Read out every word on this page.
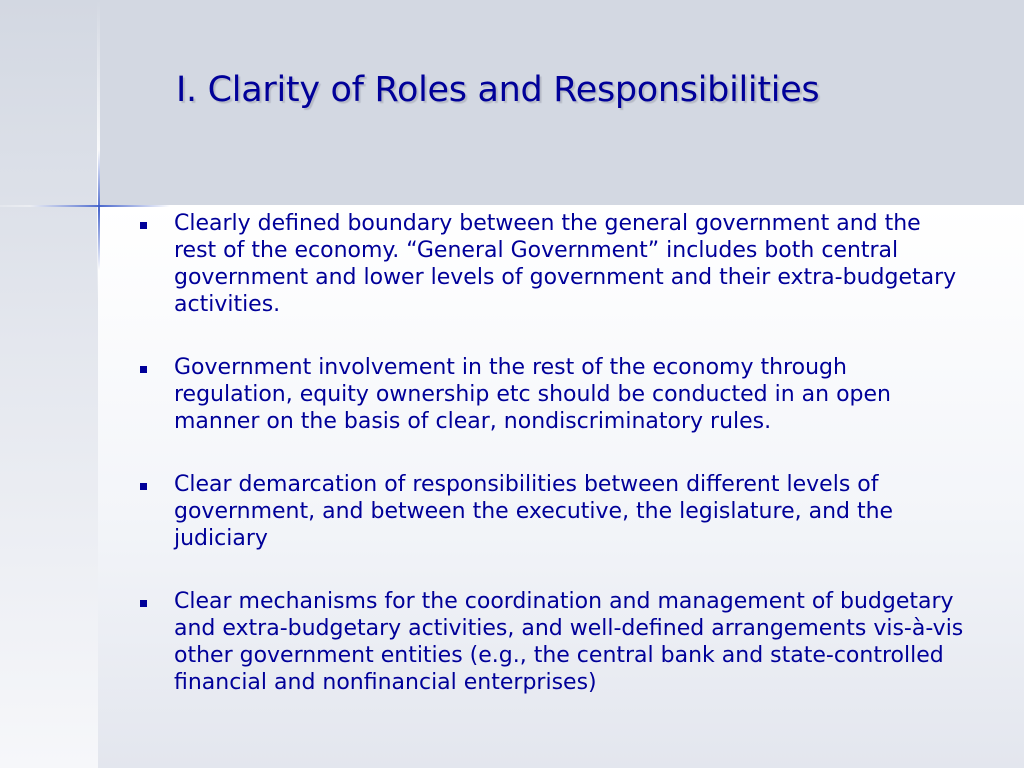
I. Clarity of Roles and Responsibilities
Clearly defined boundary between the general government and the rest of the economy. “General Government” includes both central government and lower levels of government and their extra-budgetary activities.
Government involvement in the rest of the economy through regulation, equity ownership etc should be conducted in an open manner on the basis of clear, nondiscriminatory rules.
Clear demarcation of responsibilities between different levels of government, and between the executive, the legislature, and the judiciary
Clear mechanisms for the coordination and management of budgetary and extra-budgetary activities, and well-defined arrangements vis-à-vis other government entities (e.g., the central bank and state-controlled financial and nonfinancial enterprises)
